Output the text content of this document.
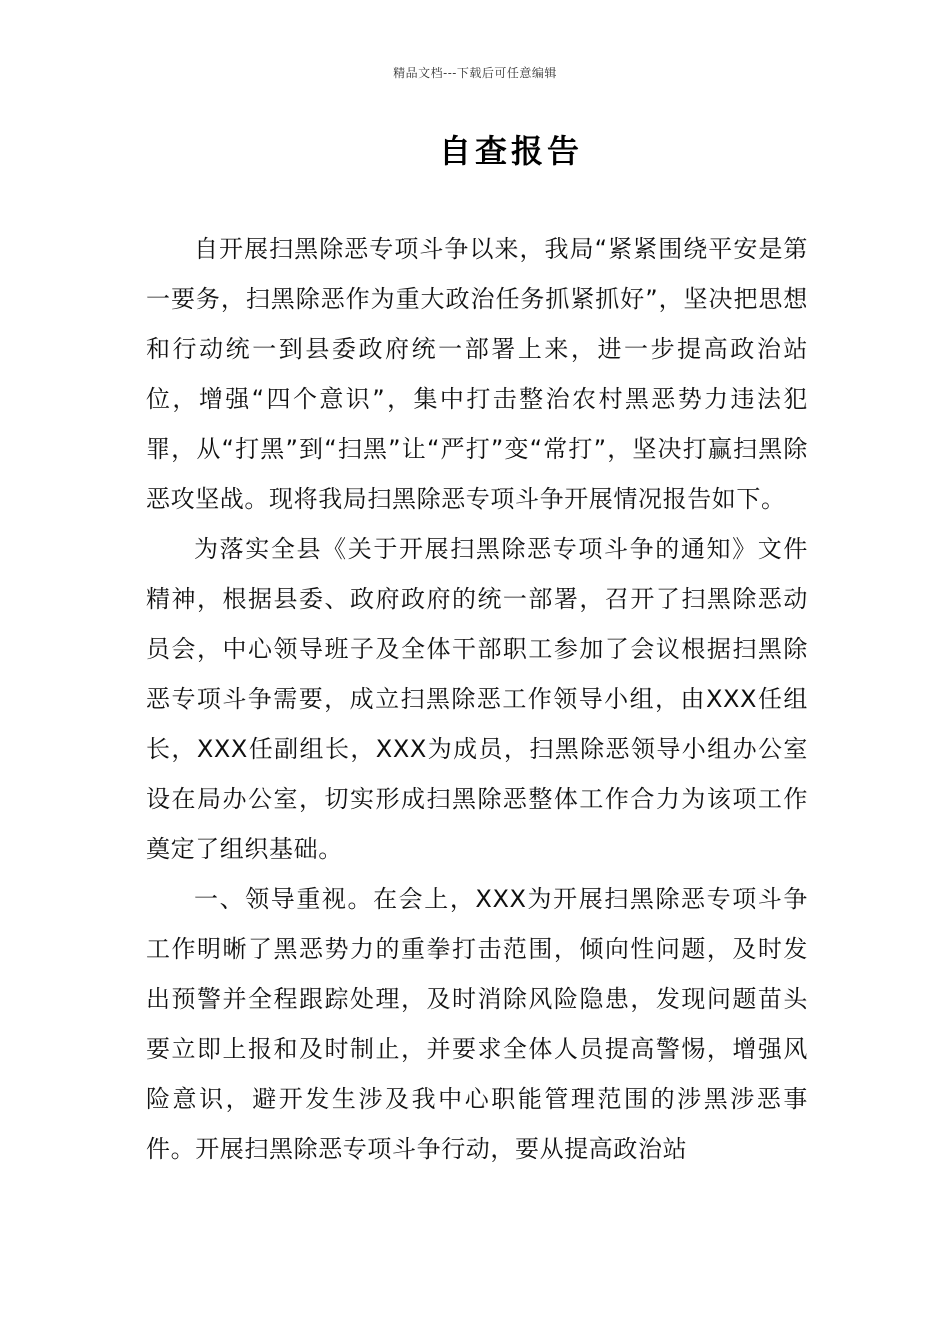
精品文档---下载后可任意编辑
自查报告

自开展扫黑除恶专项斗争以来，我局“紧紧围绕平安是第一要务，扫黑除恶作为重大政治任务抓紧抓好”，坚决把思想和行动统一到县委政府统一部署上来，进一步提高政治站位，增强“四个意识”，集中打击整治农村黑恶势力违法犯罪，从“打黑”到“扫黑”让“严打”变“常打”，坚决打赢扫黑除恶攻坚战。现将我局扫黑除恶专项斗争开展情况报告如下。

为落实全县《关于开展扫黑除恶专项斗争的通知》文件精神，根据县委、政府政府的统一部署，召开了扫黑除恶动员会，中心领导班子及全体干部职工参加了会议根据扫黑除恶专项斗争需要，成立扫黑除恶工作领导小组，由XXX任组长，XXX任副组长，XXX为成员，扫黑除恶领导小组办公室设在局办公室，切实形成扫黑除恶整体工作合力为该项工作奠定了组织基础。

一、领导重视。在会上，XXX为开展扫黑除恶专项斗争工作明晰了黑恶势力的重拳打击范围，倾向性问题，及时发出预警并全程跟踪处理，及时消除风险隐患，发现问题苗头要立即上报和及时制止，并要求全体人员提高警惕，增强风险意识，避开发生涉及我中心职能管理范围的涉黑涉恶事件。开展扫黑除恶专项斗争行动，要从提高政治站
